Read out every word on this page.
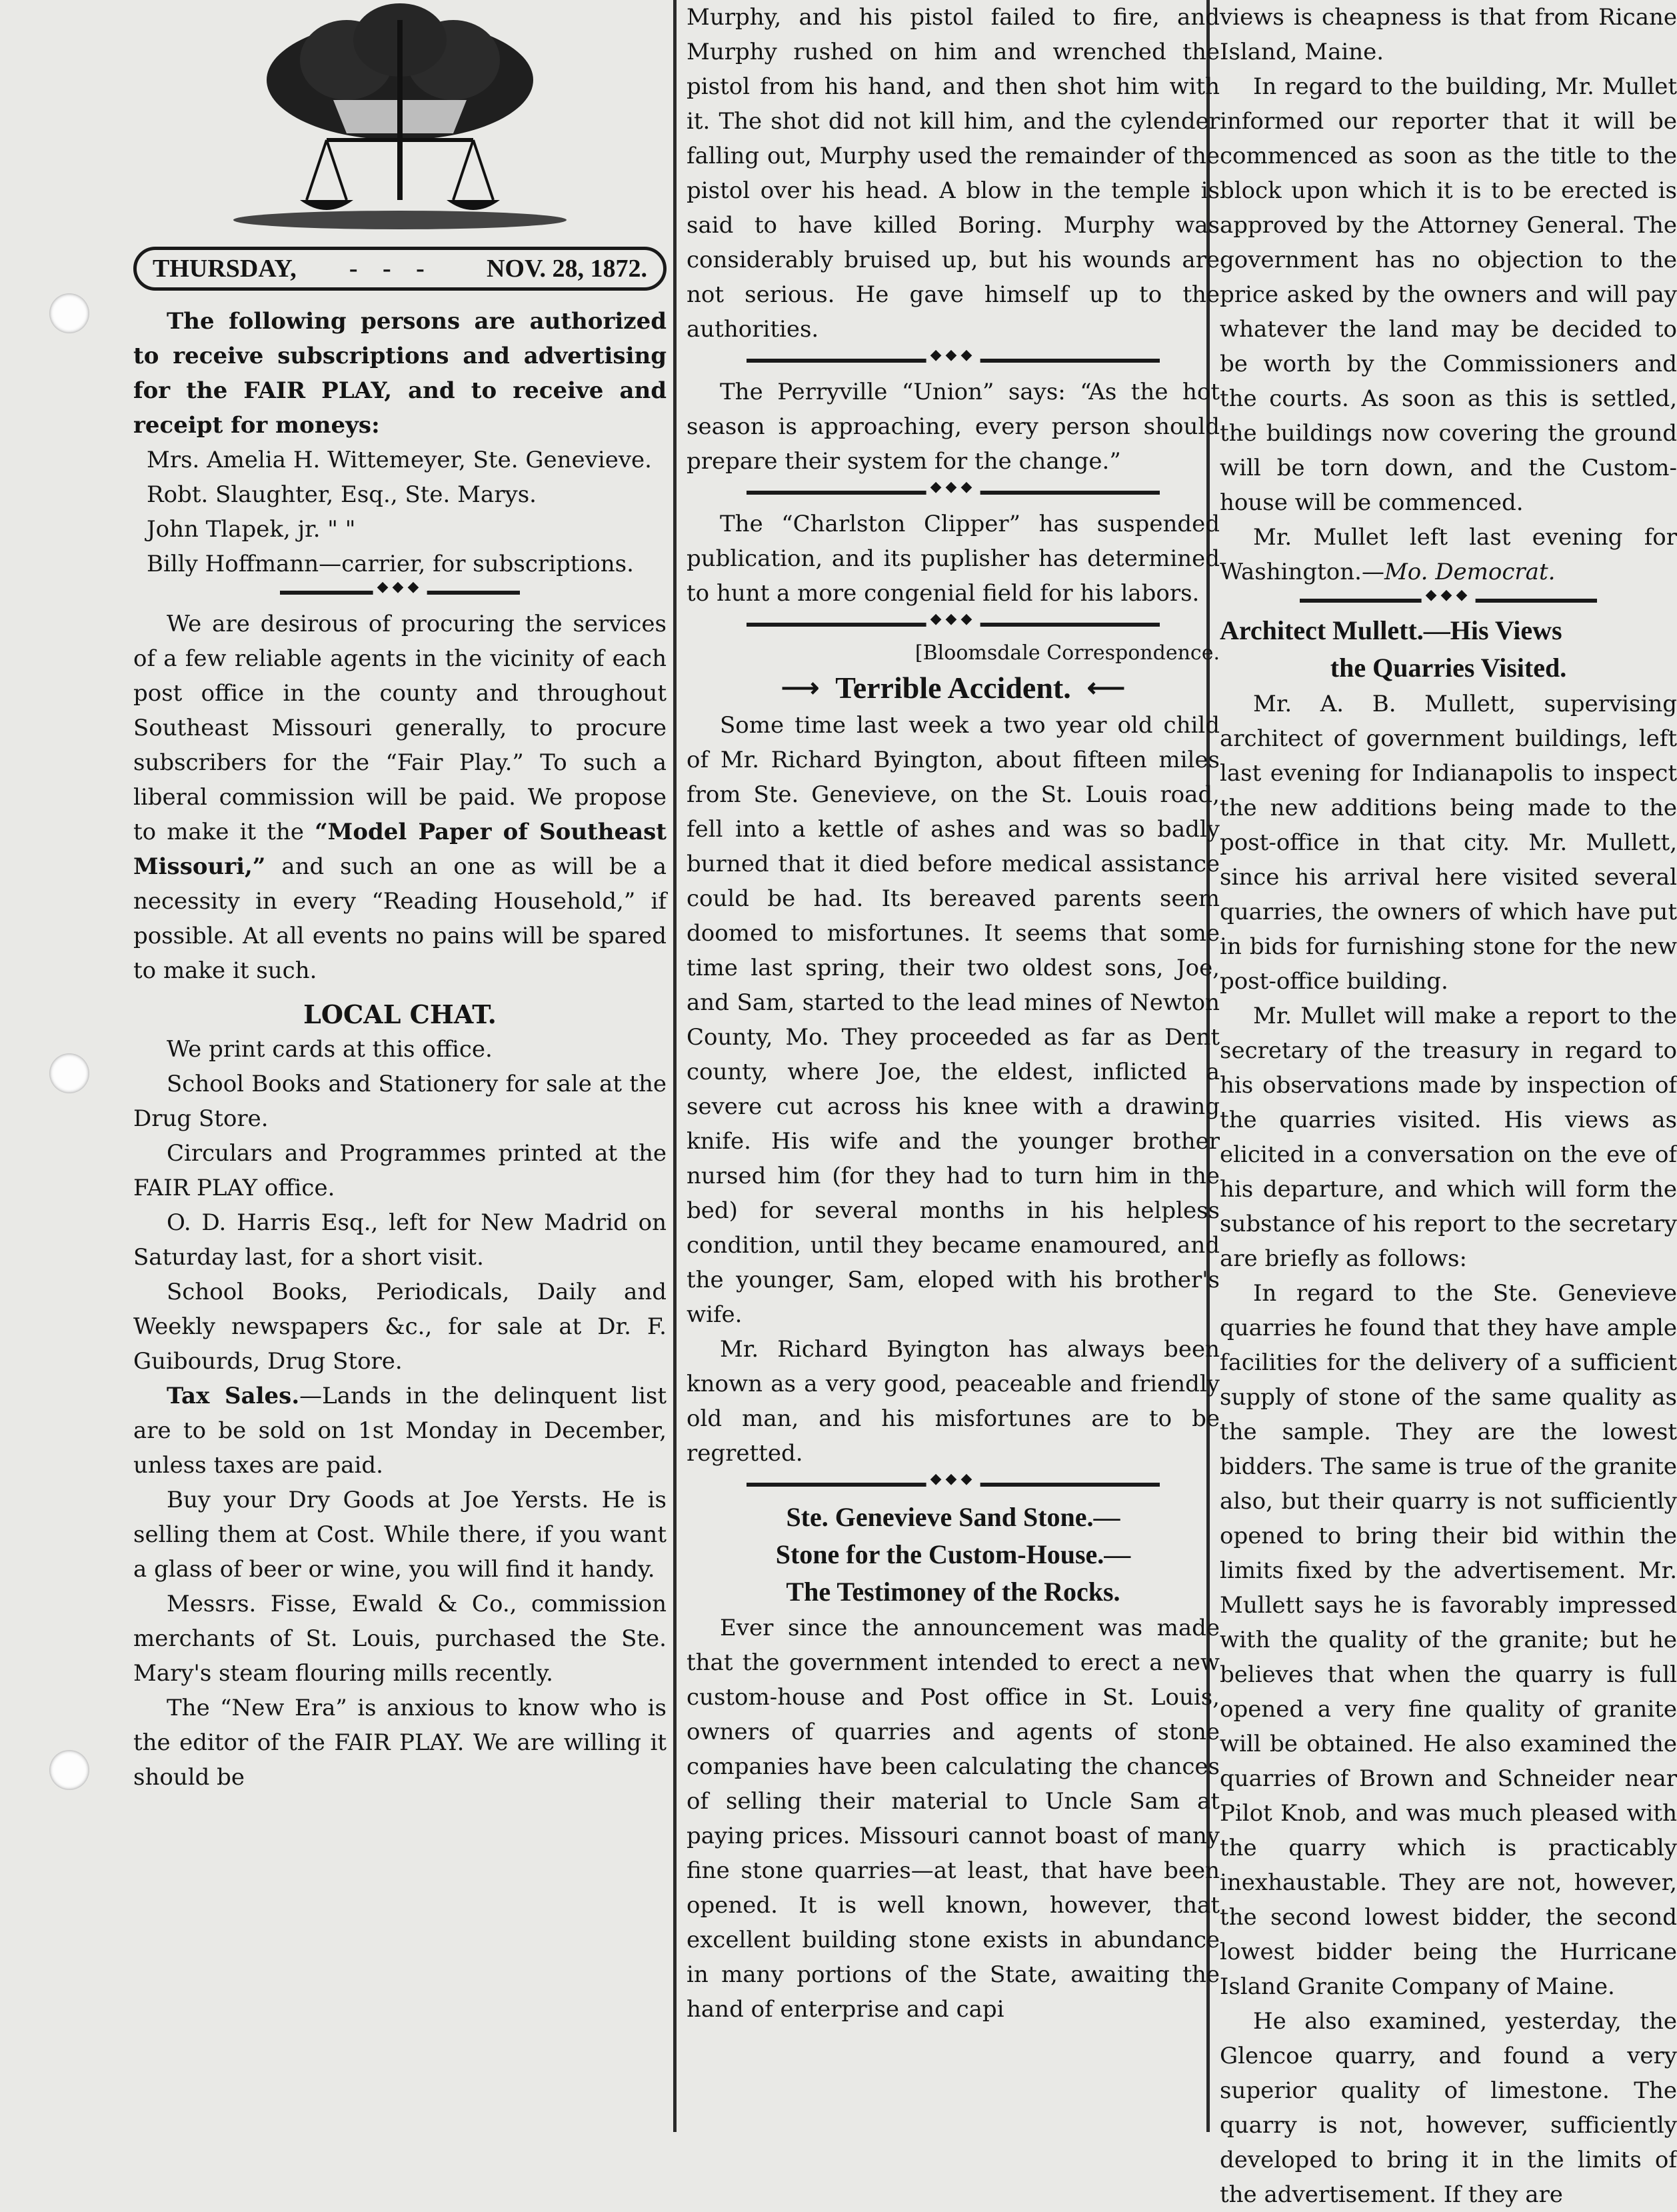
THURSDAY, - - - NOV. 28, 1872.

The following persons are authorized to receive subscriptions and advertising for the FAIR PLAY, and to receive and receipt for moneys:

Mrs. Amelia H. Wittemeyer, Ste. Genevieve.

Robt. Slaughter, Esq., Ste. Marys.

John Tlapek, jr. " "

Billy Hoffmann—carrier, for subscriptions.

◆◆◆

We are desirous of procuring the services of a few reliable agents in the vicinity of each post office in the county and throughout Southeast Missouri generally, to procure subscribers for the “Fair Play.” To such a liberal commission will be paid. We propose to make it the “Model Paper of Southeast Missouri,” and such an one as will be a necessity in every “Reading Household,” if possible. At all events no pains will be spared to make it such.

LOCAL CHAT.

We print cards at this office.

School Books and Stationery for sale at the Drug Store.

Circulars and Programmes printed at the FAIR PLAY office.

O. D. Harris Esq., left for New Madrid on Saturday last, for a short visit.

School Books, Periodicals, Daily and Weekly newspapers &c., for sale at Dr. F. Guibourds, Drug Store.

Tax Sales.—Lands in the delinquent list are to be sold on 1st Monday in December, unless taxes are paid.

Buy your Dry Goods at Joe Yersts. He is selling them at Cost. While there, if you want a glass of beer or wine, you will find it handy.

Messrs. Fisse, Ewald & Co., commission merchants of St. Louis, purchased the Ste. Mary's steam flouring mills recently.

The “New Era” is anxious to know who is the editor of the FAIR PLAY. We are willing it should be

Murphy, and his pistol failed to fire, and Murphy rushed on him and wrenched the pistol from his hand, and then shot him with it. The shot did not kill him, and the cylender falling out, Murphy used the remainder of the pistol over his head. A blow in the temple is said to have killed Boring. Murphy was considerably bruised up, but his wounds are not serious. He gave himself up to the authorities.

◆◆◆

The Perryville “Union” says: “As the hot season is approaching, every person should prepare their system for the change.”

◆◆◆

The “Charlston Clipper” has suspended publication, and its puplisher has determined to hunt a more congenial field for his labors.

◆◆◆

[Bloomsdale Correspondence.

⟶ Terrible Accident. ⟵

Some time last week a two year old child of Mr. Richard Byington, about fifteen miles from Ste. Genevieve, on the St. Louis road, fell into a kettle of ashes and was so badly burned that it died before medical assistance could be had. Its bereaved parents seem doomed to misfortunes. It seems that some time last spring, their two oldest sons, Joe, and Sam, started to the lead mines of Newton County, Mo. They proceeded as far as Dent county, where Joe, the eldest, inflicted a severe cut across his knee with a drawing knife. His wife and the younger brother nursed him (for they had to turn him in the bed) for several months in his helpless condition, until they became enamoured, and the younger, Sam, eloped with his brother's wife.

Mr. Richard Byington has always been known as a very good, peaceable and friendly old man, and his misfortunes are to be regretted.

◆◆◆

Ste. Genevieve Sand Stone.—

Stone for the Custom-House.—

The Testimoney of the Rocks.

Ever since the announcement was made that the government intended to erect a new custom-house and Post office in St. Louis, owners of quarries and agents of stone companies have been calculating the chances of selling their material to Uncle Sam at paying prices. Missouri cannot boast of many fine stone quarries—at least, that have been opened. It is well known, however, that excellent building stone exists in abundance in many portions of the State, awaiting the hand of enterprise and capi

views is cheapness is that from Ricane Island, Maine.

In regard to the building, Mr. Mullet informed our reporter that it will be commenced as soon as the title to the block upon which it is to be erected is approved by the Attorney General. The government has no objection to the price asked by the owners and will pay whatever the land may be decided to be worth by the Commissioners and the courts. As soon as this is settled, the buildings now covering the ground will be torn down, and the Custom-house will be commenced.

Mr. Mullet left last evening for Washington.—Mo. Democrat.

◆◆◆

Architect Mullett.—His Views

the Quarries Visited.

Mr. A. B. Mullett, supervising architect of government buildings, left last evening for Indianapolis to inspect the new additions being made to the post-office in that city. Mr. Mullett, since his arrival here visited several quarries, the owners of which have put in bids for furnishing stone for the new post-office building.

Mr. Mullet will make a report to the secretary of the treasury in regard to his observations made by inspection of the quarries visited. His views as elicited in a conversation on the eve of his departure, and which will form the substance of his report to the secretary are briefly as follows:

In regard to the Ste. Genevieve quarries he found that they have ample facilities for the delivery of a sufficient supply of stone of the same quality as the sample. They are the lowest bidders. The same is true of the granite also, but their quarry is not sufficiently opened to bring their bid within the limits fixed by the advertisement. Mr. Mullett says he is favorably impressed with the quality of the granite; but he believes that when the quarry is full opened a very fine quality of granite will be obtained. He also examined the quarries of Brown and Schneider near Pilot Knob, and was much pleased with the quarry which is practicably inexhaustable. They are not, however, the second lowest bidder, the second lowest bidder being the Hurricane Island Granite Company of Maine.

He also examined, yesterday, the Glencoe quarry, and found a very superior quality of limestone. The quarry is not, however, sufficiently developed to bring it in the limits of the advertisement. If they are
